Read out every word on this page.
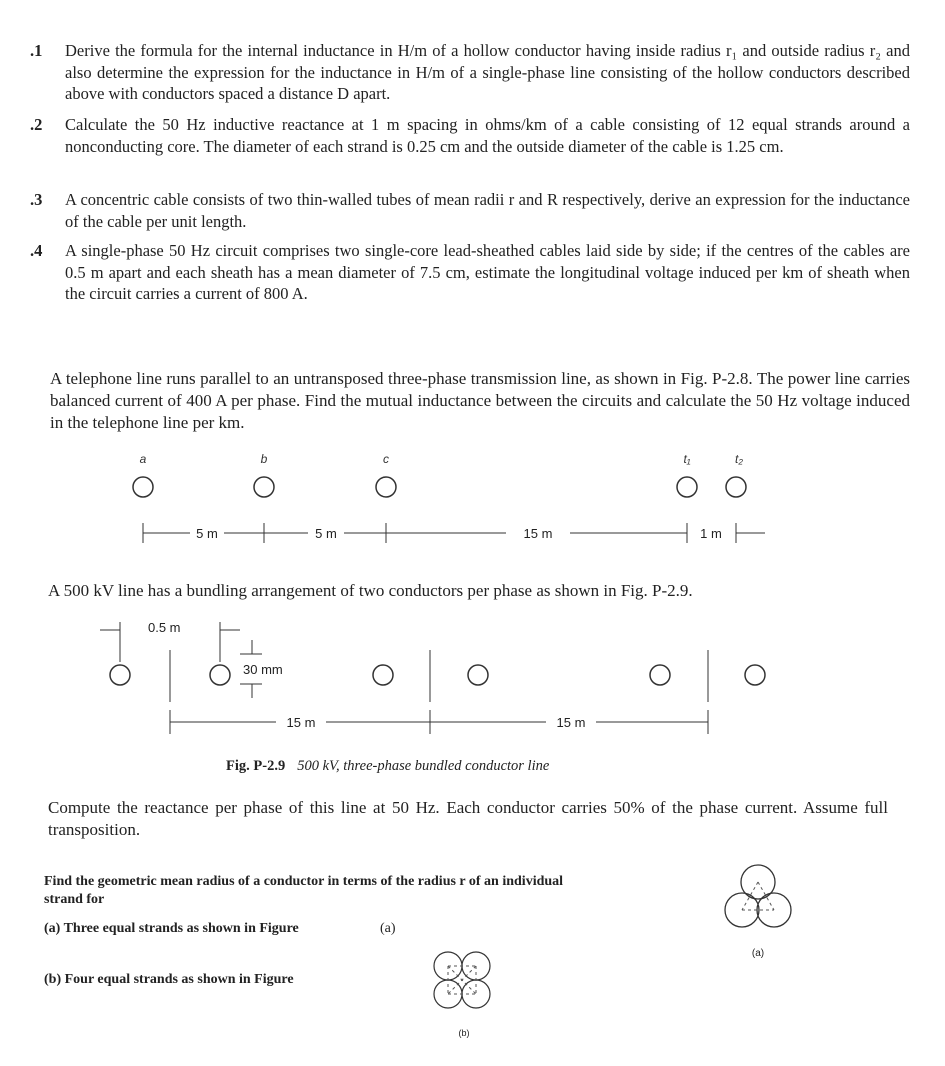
.1 Derive the formula for the internal inductance in H/m of a hollow conductor having inside radius r₁ and outside radius r₂ and also determine the expression for the inductance in H/m of a single-phase line consisting of the hollow conductors described above with conductors spaced a distance D apart.
.2 Calculate the 50 Hz inductive reactance at 1 m spacing in ohms/km of a cable consisting of 12 equal strands around a nonconducting core. The diameter of each strand is 0.25 cm and the outside diameter of the cable is 1.25 cm.
.3 A concentric cable consists of two thin-walled tubes of mean radii r and R respectively, derive an expression for the inductance of the cable per unit length.
.4 A single-phase 50 Hz circuit comprises two single-core lead-sheathed cables laid side by side; if the centres of the cables are 0.5 m apart and each sheath has a mean diameter of 7.5 cm, estimate the longitudinal voltage induced per km of sheath when the circuit carries a current of 800 A.
A telephone line runs parallel to an untransposed three-phase transmission line, as shown in Fig. P-2.8. The power line carries balanced current of 400 A per phase. Find the mutual inductance between the circuits and calculate the 50 Hz voltage induced in the telephone line per km.
a	b	c	t₁	t₂
5 m	5 m	15 m	1 m
A 500 kV line has a bundling arrangement of two conductors per phase as shown in Fig. P-2.9.
0.5 m
30 mm
15 m	15 m
Fig. P-2.9 500 kV, three-phase bundled conductor line
Compute the reactance per phase of this line at 50 Hz. Each conductor carries 50% of the phase current. Assume full transposition.
Find the geometric mean radius of a conductor in terms of the radius r of an individual strand for
(a) Three equal strands as shown in Figure	(a)
(b) Four equal strands as shown in Figure
(a)
(b)
